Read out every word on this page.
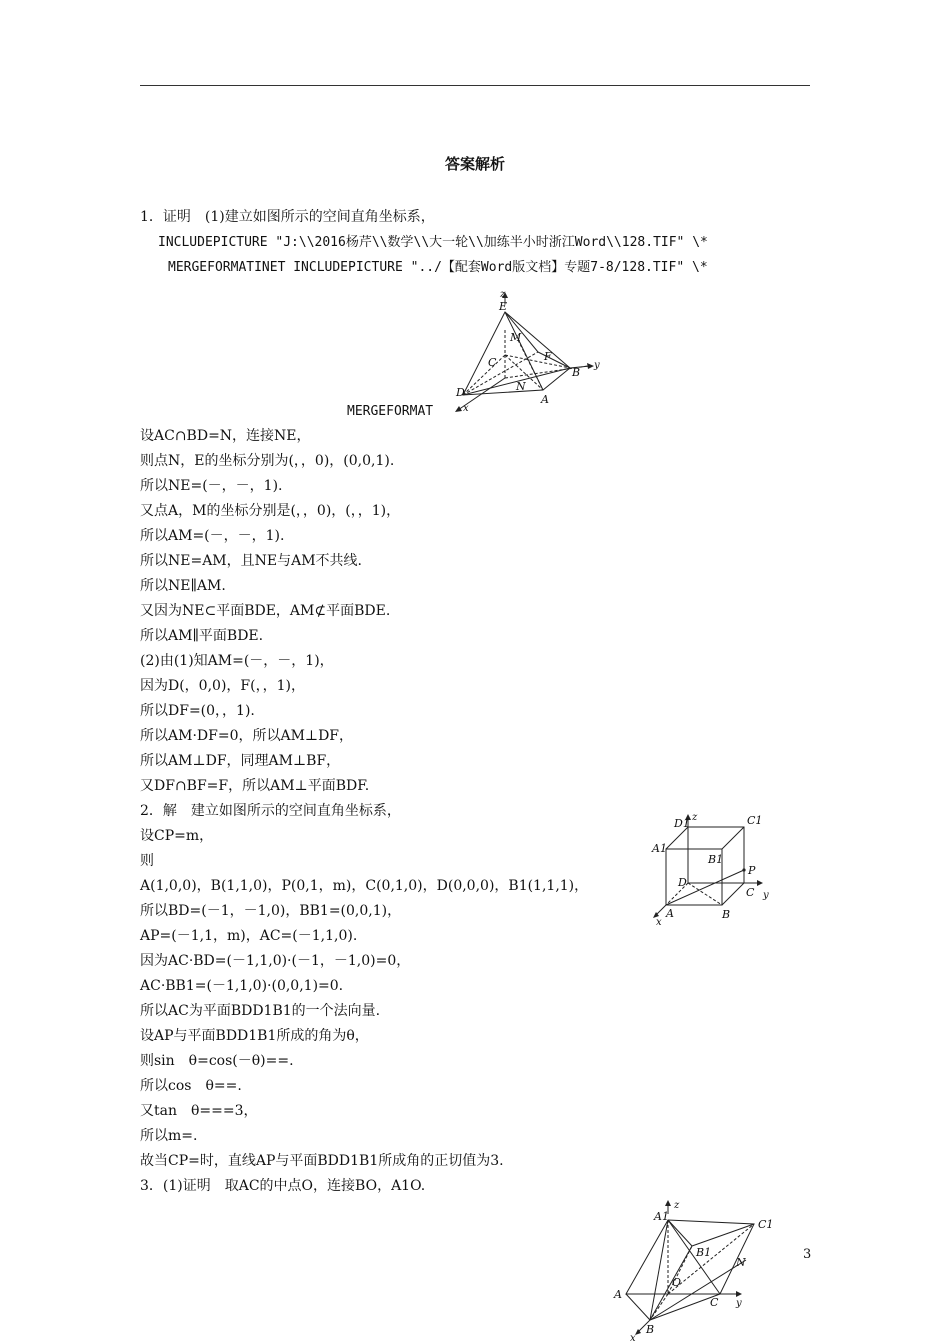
答案解析
1．证明　(1)建立如图所示的空间直角坐标系，
INCLUDEPICTURE "J:\\2016杨芹\\数学\\大一轮\\加练半小时浙江Word\\128.TIF" \*
MERGEFORMATINET INCLUDEPICTURE "../【配套Word版文档】专题7-8/128.TIF" \*
z
E
M
C	F
B
y
N
D
A
x
MERGEFORMAT
设AC∩BD=N，连接NE，
则点N，E的坐标分别为(，，0)，(0,0,1).
所以NE=(－，－，1).
又点A，M的坐标分别是(，，0)，(，，1)，
所以AM=(－，－，1).
所以NE=AM，且NE与AM不共线.
所以NE∥AM.
又因为NE⊂平面BDE，AM⊄平面BDE.
所以AM∥平面BDE.
(2)由(1)知AM=(－，－，1)，
因为D(，0,0)，F(，，1)，
所以DF=(0，，1).
所以AM·DF=0，所以AM⊥DF，
所以AM⊥DF，同理AM⊥BF，
又DF∩BF=F，所以AM⊥平面BDF.
2．解　建立如图所示的空间直角坐标系，
设CP=m，
则
A(1,0,0)，B(1,1,0)，P(0,1，m)，C(0,1,0)，D(0,0,0)，B1(1,1,1)，
所以BD=(－1，－1,0)，BB1=(0,0,1)，
AP=(－1,1，m)，AC=(－1,1,0).
因为AC·BD=(－1,1,0)·(－1，－1,0)=0，
AC·BB1=(－1,1,0)·(0,0,1)=0.
所以AC为平面BDD1B1的一个法向量.
设AP与平面BDD1B1所成的角为θ，
则sin　θ=cos(－θ)==.
所以cos　θ==.
又tan　θ===3，
所以m=.
故当CP=时，直线AP与平面BDD1B1所成角的正切值为3.
3．(1)证明　取AC的中点O，连接BO，A1O.
D1 z	C1
A1
B1
P
D
C y
A	B
x
A1
z
C1
B1
N
O
A
C y
x
B
3
